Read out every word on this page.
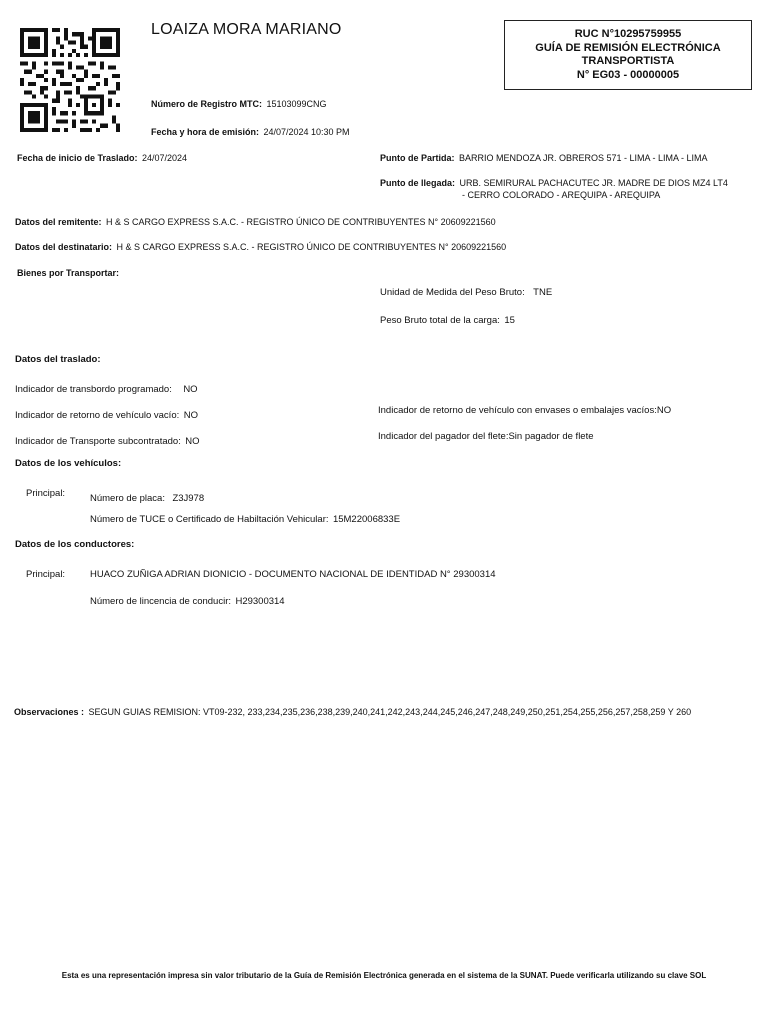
LOAIZA MORA MARIANO	RUC N°10295759955
GUÍA DE REMISIÓN ELECTRÓNICA
TRANSPORTISTA
N° EG03 - 00000005
Número de Registro MTC: 15103099CNG
Fecha y hora de emisión: 24/07/2024 10:30 PM
Fecha de inicio de Traslado: 24/07/2024	Punto de Partida: BARRIO MENDOZA JR. OBREROS 571 - LIMA - LIMA - LIMA
Punto de llegada: URB. SEMIRURAL PACHACUTEC JR. MADRE DE DIOS MZ4 LT4
- CERRO COLORADO - AREQUIPA - AREQUIPA
Datos del remitente: H & S CARGO EXPRESS S.A.C. - REGISTRO ÚNICO DE CONTRIBUYENTES N° 20609221560
Datos del destinatario: H & S CARGO EXPRESS S.A.C. - REGISTRO ÚNICO DE CONTRIBUYENTES N° 20609221560
Bienes por Transportar:
Unidad de Medida del Peso Bruto: TNE
Peso Bruto total de la carga: 15
Datos del traslado:
Indicador de transbordo programado: NO
Indicador de retorno de vehículo vacío: NO
Indicador de Transporte subcontratado: NO
Indicador de retorno de vehículo con envases o embalajes vacíos:NO
Indicador del pagador del flete:Sin pagador de flete
Datos de los vehículos:
Principal:	Número de placa: Z3J978
Número de TUCE o Certificado de Habiltación Vehicular: 15M22006833E
Datos de los conductores:
Principal:	HUACO ZUÑIGA ADRIAN DIONICIO - DOCUMENTO NACIONAL DE IDENTIDAD N° 29300314
Número de lincencia de conducir: H29300314
Observaciones : SEGUN GUIAS REMISION: VT09-232, 233,234,235,236,238,239,240,241,242,243,244,245,246,247,248,249,250,251,254,255,256,257,258,259 Y 260
Esta es una representación impresa sin valor tributario de la Guía de Remisión Electrónica generada en el sistema de la SUNAT. Puede verificarla utilizando su clave SOL
